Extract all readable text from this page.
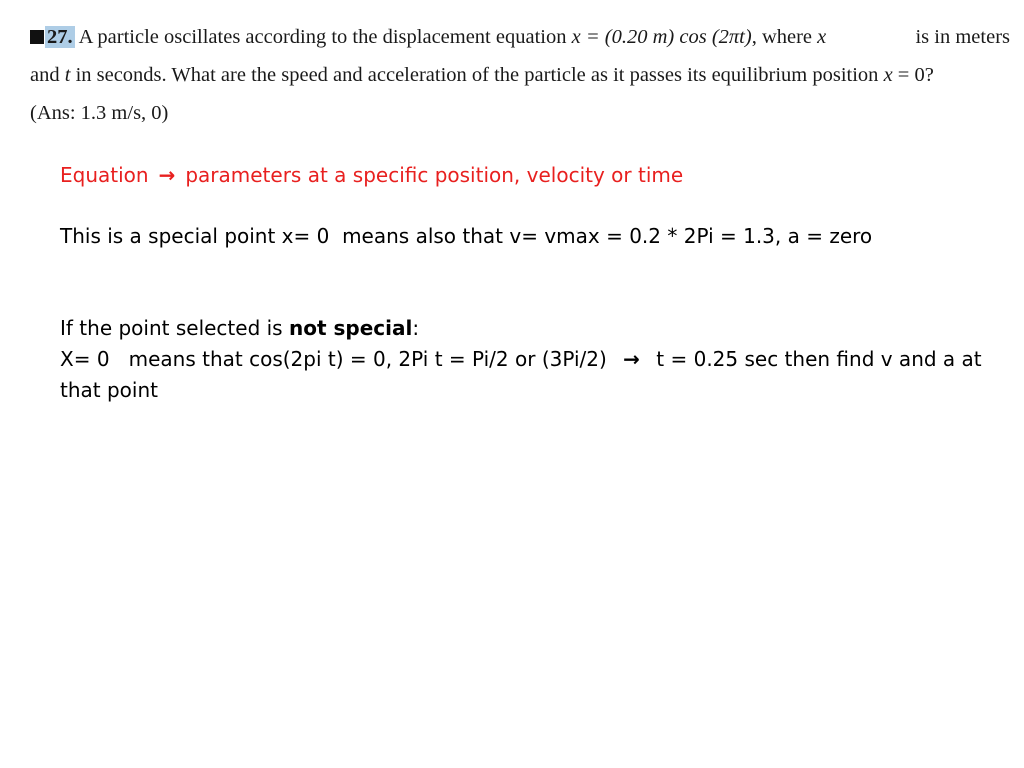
27. A particle oscillates according to the displacement equation x = (0.20 m) cos (2πt), where x	is in meters
and t in seconds. What are the speed and acceleration of the particle as it passes its equilibrium position x = 0?
(Ans: 1.3 m/s, 0)
Equation → parameters at a specific position, velocity or time
This is a special point x= 0  means also that v= vmax = 0.2 * 2Pi = 1.3, a = zero
If the point selected is not special:
X= 0   means that cos(2pi t) = 0, 2Pi t = Pi/2 or (3Pi/2) → t = 0.25 sec then find v and a at
that point
